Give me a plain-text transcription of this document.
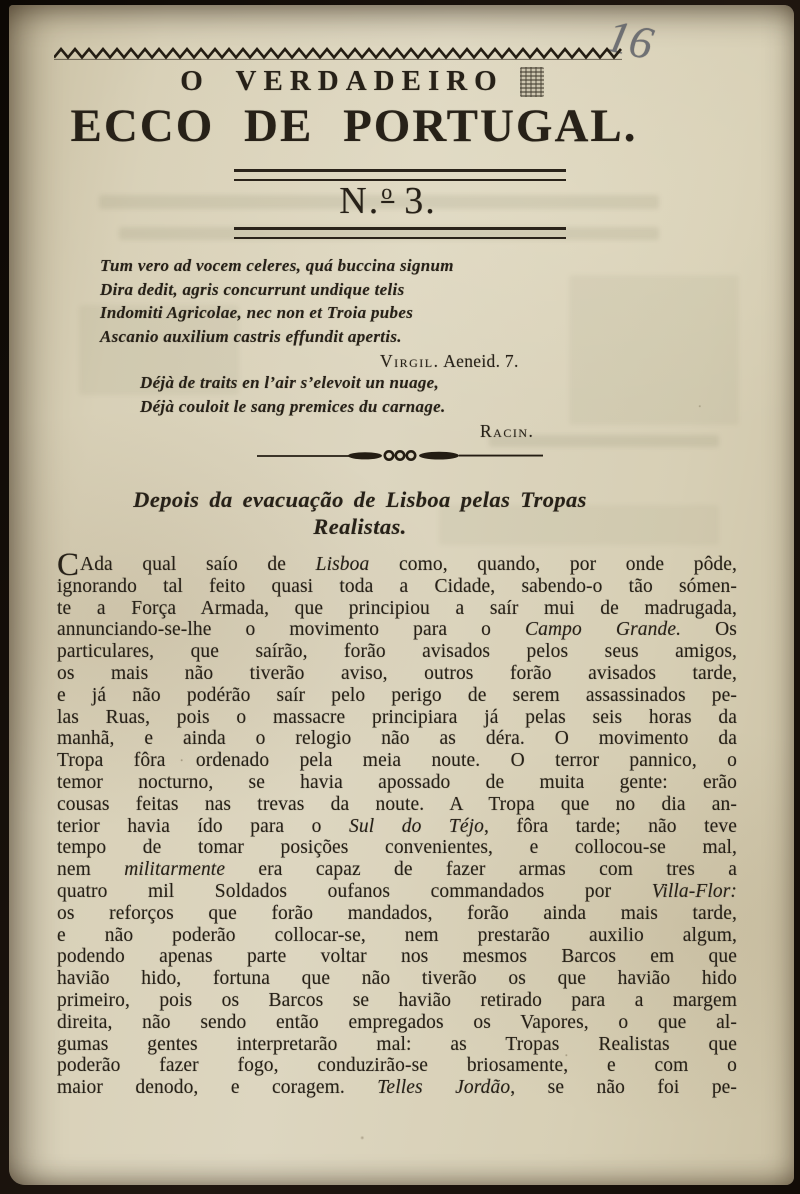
16
O VERDADEIRO
ECCO DE PORTUGAL.
N.$^o$ 3.
Tum vero ad vocem celeres, quá buccina signum
Dira dedit, agris concurrunt undique telis
Indomiti Agricolae, nec non et Troia pubes
Ascanio auxilium castris effundit apertis.
Virgil. Aeneid. 7.
Déjà de traits en l’air s’elevoit un nuage,
Déjà couloit le sang premices du carnage.
Racin.
Depois da evacuação de Lisboa pelas Tropas
Realistas.
CAda qual saío de Lisboa como, quando, por onde pôde,
ignorando tal feito quasi toda a Cidade, sabendo-o tão sómen-
te a Força Armada, que principiou a saír mui de madrugada,
annunciando-se-lhe o movimento para o Campo Grande. Os
particulares, que saírão, forão avisados pelos seus amigos,
os mais não tiverão aviso, outros forão avisados tarde,
e já não podérão saír pelo perigo de serem assassinados pe-
las Ruas, pois o massacre principiara já pelas seis horas da
manhã, e ainda o relogio não as déra. O movimento da
Tropa fôra ordenado pela meia noute. O terror pannico, o
temor nocturno, se havia apossado de muita gente: erão
cousas feitas nas trevas da noute. A Tropa que no dia an-
terior havia ído para o Sul do Téjo, fôra tarde; não teve
tempo de tomar posições convenientes, e collocou-se mal,
nem militarmente era capaz de fazer armas com tres a
quatro mil Soldados oufanos commandados por Villa-Flor:
os reforços que forão mandados, forão ainda mais tarde,
e não poderão collocar-se, nem prestarão auxilio algum,
podendo apenas parte voltar nos mesmos Barcos em que
havião hido, fortuna que não tiverão os que havião hido
primeiro, pois os Barcos se havião retirado para a margem
direita, não sendo então empregados os Vapores, o que al-
gumas gentes interpretarão mal: as Tropas Realistas que
poderão fazer fogo, conduzirão-se briosamente, e com o
maior denodo, e coragem. Telles Jordão, se não foi pe-
